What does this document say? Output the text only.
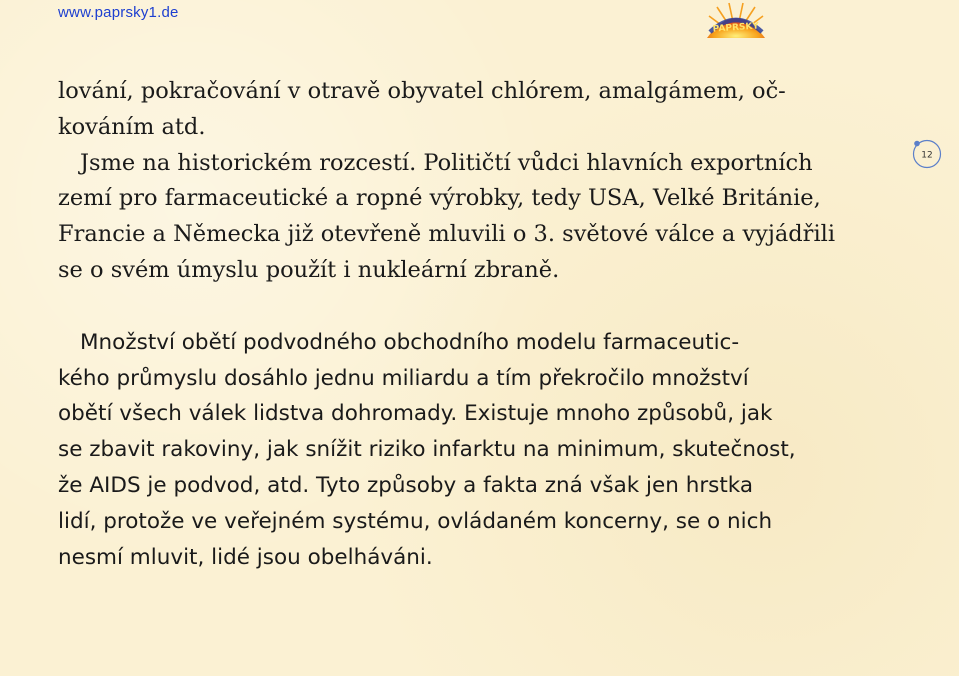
www.paprsky1.de
PAPRSKY
12

lování, pokračování v otravě obyvatel chlórem, amalgámem, oč-
kováním atd.
Jsme na historickém rozcestí. Političtí vůdci hlavních exportních
zemí pro farmaceutické a ropné výrobky, tedy USA, Velké Británie,
Francie a Německa již otevřeně mluvili o 3. světové válce a vyjádřili
se o svém úmyslu použít i nukleární zbraně.

Množství obětí podvodného obchodního modelu farmaceutic-
kého průmyslu dosáhlo jednu miliardu a tím překročilo množství
obětí všech válek lidstva dohromady. Existuje mnoho způsobů, jak
se zbavit rakoviny, jak snížit riziko infarktu na minimum, skutečnost,
že AIDS je podvod, atd. Tyto způsoby a fakta zná však jen hrstka
lidí, protože ve veřejném systému, ovládaném koncerny, se o nich
nesmí mluvit, lidé jsou obelháváni.
